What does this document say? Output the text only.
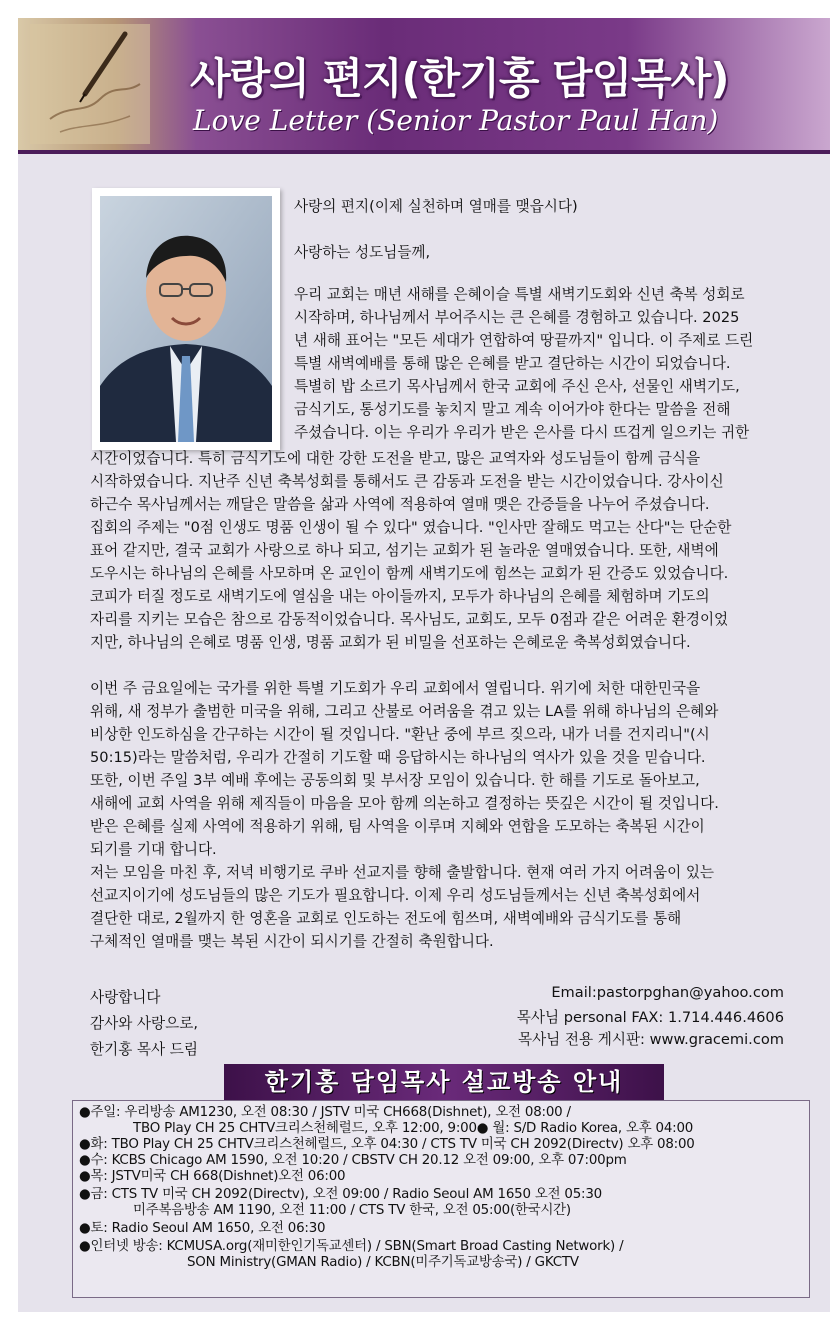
사랑의 편지(한기홍 담임목사)
Love Letter (Senior Pastor Paul Han)
사랑의 편지(이제 실천하며 열매를 맺읍시다)
사랑하는 성도님들께,
우리 교회는 매년 새해를 은혜이슬 특별 새벽기도회와 신년 축복 성회로
시작하며, 하나님께서 부어주시는 큰 은혜를 경험하고 있습니다. 2025
년 새해 표어는 "모든 세대가 연합하여 땅끝까지" 입니다. 이 주제로 드린
특별 새벽예배를 통해 많은 은혜를 받고 결단하는 시간이 되었습니다.
특별히 밥 소르기 목사님께서 한국 교회에 주신 은사, 선물인 새벽기도,
금식기도, 통성기도를 놓치지 말고 계속 이어가야 한다는 말씀을 전해
주셨습니다. 이는 우리가 우리가 받은 은사를 다시 뜨겁게 일으키는 귀한
시간이었습니다. 특히 금식기도에 대한 강한 도전을 받고, 많은 교역자와 성도님들이 함께 금식을
시작하였습니다. 지난주 신년 축복성회를 통해서도 큰 감동과 도전을 받는 시간이었습니다. 강사이신
하근수 목사님께서는 깨달은 말씀을 삶과 사역에 적용하여 열매 맺은 간증들을 나누어 주셨습니다.
집회의 주제는 "0점 인생도 명품 인생이 될 수 있다" 였습니다. "인사만 잘해도 먹고는 산다"는 단순한
표어 같지만, 결국 교회가 사랑으로 하나 되고, 섬기는 교회가 된 놀라운 열매였습니다. 또한, 새벽에
도우시는 하나님의 은혜를 사모하며 온 교인이 함께 새벽기도에 힘쓰는 교회가 된 간증도 있었습니다.
코피가 터질 정도로 새벽기도에 열심을 내는 아이들까지, 모두가 하나님의 은혜를 체험하며 기도의
자리를 지키는 모습은 참으로 감동적이었습니다. 목사님도, 교회도, 모두 0점과 같은 어려운 환경이었
지만, 하나님의 은혜로 명품 인생, 명품 교회가 된 비밀을 선포하는 은혜로운 축복성회였습니다.
이번 주 금요일에는 국가를 위한 특별 기도회가 우리 교회에서 열립니다. 위기에 처한 대한민국을
위해, 새 정부가 출범한 미국을 위해, 그리고 산불로 어려움을 겪고 있는 LA를 위해 하나님의 은혜와
비상한 인도하심을 간구하는 시간이 될 것입니다. "환난 중에 부르 짖으라, 내가 너를 건지리니"(시
50:15)라는 말씀처럼, 우리가 간절히 기도할 때 응답하시는 하나님의 역사가 있을 것을 믿습니다.
또한, 이번 주일 3부 예배 후에는 공동의회 및 부서장 모임이 있습니다. 한 해를 기도로 돌아보고,
새해에 교회 사역을 위해 제직들이 마음을 모아 함께 의논하고 결정하는 뜻깊은 시간이 될 것입니다.
받은 은혜를 실제 사역에 적용하기 위해, 팀 사역을 이루며 지혜와 연합을 도모하는 축복된 시간이
되기를 기대 합니다.
저는 모임을 마친 후, 저녁 비행기로 쿠바 선교지를 향해 출발합니다. 현재 여러 가지 어려움이 있는
선교지이기에 성도님들의 많은 기도가 필요합니다. 이제 우리 성도님들께서는 신년 축복성회에서
결단한 대로, 2월까지 한 영혼을 교회로 인도하는 전도에 힘쓰며, 새벽예배와 금식기도를 통해
구체적인 열매를 맺는 복된 시간이 되시기를 간절히 축원합니다.
Email:pastorpghan@yahoo.com
목사님 personal FAX: 1.714.446.4606
목사님 전용 게시판: www.gracemi.com
사랑합니다
감사와 사랑으로,
한기홍 목사 드림
한기홍 담임목사 설교방송 안내
●주일: 우리방송 AM1230, 오전 08:30 / JSTV 미국 CH668(Dishnet), 오전 08:00 /
TBO Play CH 25 CHTV크리스천헤럴드, 오후 12:00, 9:00● 월: S/D Radio Korea, 오후 04:00
●화: TBO Play CH 25 CHTV크리스천헤럴드, 오후 04:30 / CTS TV 미국 CH 2092(Directv) 오후 08:00
●수: KCBS Chicago AM 1590, 오전 10:20 / CBSTV CH 20.12 오전 09:00, 오후 07:00pm
●목: JSTV미국 CH 668(Dishnet)오전 06:00
●금: CTS TV 미국 CH 2092(Directv), 오전 09:00 / Radio Seoul AM 1650 오전 05:30
미주복음방송 AM 1190, 오전 11:00 / CTS TV 한국, 오전 05:00(한국시간)
●토: Radio Seoul AM 1650, 오전 06:30
●인터넷 방송: KCMUSA.org(재미한인기독교센터) / SBN(Smart Broad Casting Network) /
SON Ministry(GMAN Radio) / KCBN(미주기독교방송국) / GKCTV
